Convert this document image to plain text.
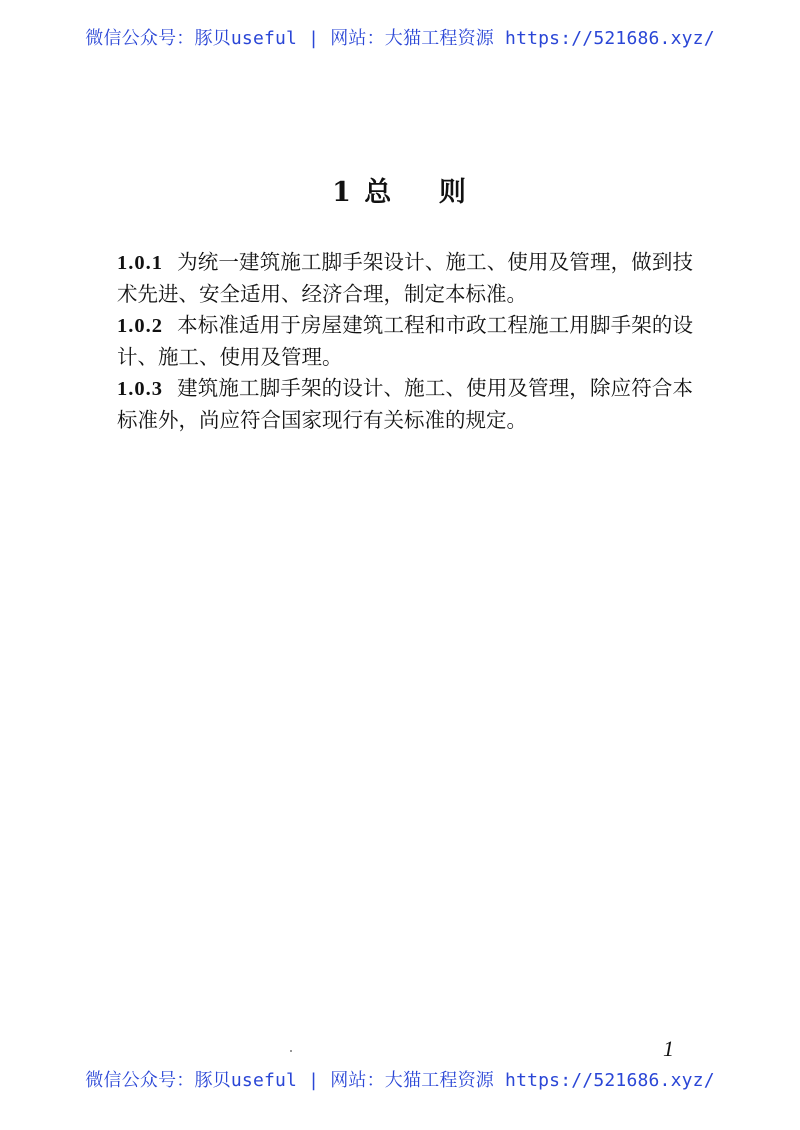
微信公众号：豚贝useful | 网站：大猫工程资源 https://521686.xyz/
1 总    则

1.0.1 为统一建筑施工脚手架设计、施工、使用及管理，做到技术先进、安全适用、经济合理，制定本标准。

1.0.2 本标准适用于房屋建筑工程和市政工程施工用脚手架的设计、施工、使用及管理。

1.0.3 建筑施工脚手架的设计、施工、使用及管理，除应符合本标准外，尚应符合国家现行有关标准的规定。

1
微信公众号：豚贝useful | 网站：大猫工程资源 https://521686.xyz/
